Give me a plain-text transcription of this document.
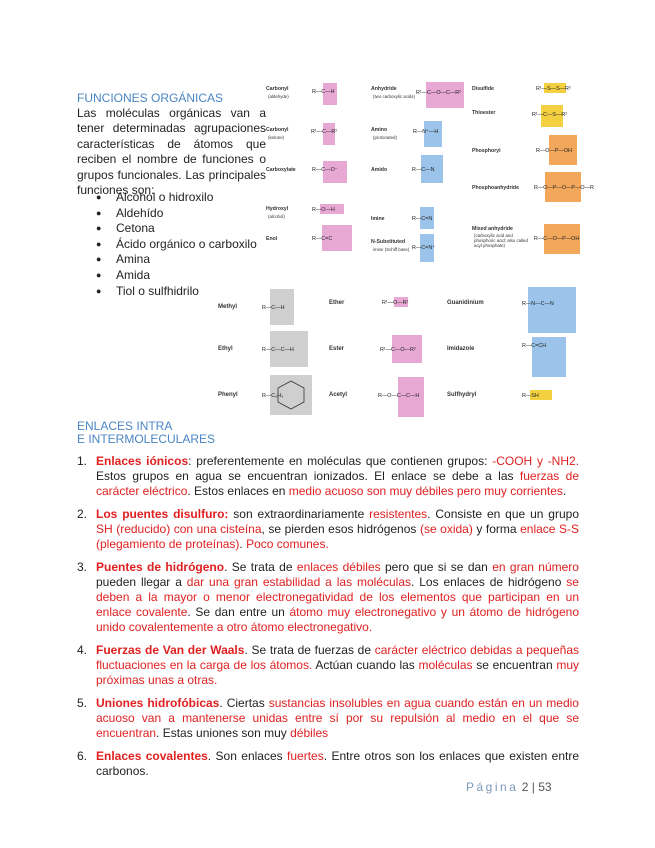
FUNCIONES ORGÁNICAS
Las moléculas orgánicas van a tener determinadas agrupaciones características de átomos que reciben el nombre de funciones o grupos funcionales. Las principales funciones son:
● Alcohol o hidroxilo
● Aldehído
● Cetona
● Ácido orgánico o carboxilo
● Amina
● Amida
● Tiol o sulfhidrilo
Carbonyl
(aldehyde)
R—C—H
Carbonyl
(ketone)
R¹—C—R²
Carboxylate	R—C—O⁻
Hydroxyl
(alcohol)
R—O—H
Enol	R—C=C
Anhydride
(two carboxylic acids)
R¹—C—O—C—R²
Amino
(protonated)
R—N⁺—H
Amido	R—C—N
Imine	R—C=N
N-Substituted
imine (Schiff base) R—C=N⁺
Disulfide	R¹—S—S—R²
Thioester	R¹—C—S—R²
Phosphoryl	R—O—P—OH
Phosphoanhydride	R—O—P—O—P—O—R
Mixed anhydride
(carboxylic acid and phosphoric acid; also called acyl phosphate)
R—C—O—P—OH
Methyl	R—C—H
Ethyl	R—C—C—H
Phenyl	R—C₆H₅
Ether	R¹—O—R²
Ester	R¹—C—O—R²
Acetyl	R—O—C—C—H
Guanidinium	R—N—C—N
Imidazole	R—C=CH
Sulfhydryl	R—SH
ENLACES INTRA
E INTERMOLECULARES
1. Enlaces iónicos: preferentemente en moléculas que contienen grupos: -COOH y -NH2. Estos grupos en agua se encuentran ionizados. El enlace se debe a las fuerzas de carácter eléctrico. Estos enlaces en medio acuoso son muy débiles pero muy corrientes.
2. Los puentes disulfuro: son extraordinariamente resistentes. Consiste en que un grupo SH (reducido) con una cisteína, se pierden esos hidrógenos (se oxida) y forma enlace S-S (plegamiento de proteínas). Poco comunes.
3. Puentes de hidrógeno. Se trata de enlaces débiles pero que si se dan en gran número pueden llegar a dar una gran estabilidad a las moléculas. Los enlaces de hidrógeno se deben a la mayor o menor electronegatividad de los elementos que participan en un enlace covalente. Se dan entre un átomo muy electronegativo y un átomo de hidrógeno unido covalentemente a otro átomo electronegativo.
4. Fuerzas de Van der Waals. Se trata de fuerzas de carácter eléctrico debidas a pequeñas fluctuaciones en la carga de los átomos. Actúan cuando las moléculas se encuentran muy próximas unas a otras.
5. Uniones hidrofóbicas. Ciertas sustancias insolubles en agua cuando están en un medio acuoso van a mantenerse unidas entre sí por su repulsión al medio en el que se encuentran. Estas uniones son muy débiles
6. Enlaces covalentes. Son enlaces fuertes. Entre otros son los enlaces que existen entre carbonos.
Página 2 | 53
